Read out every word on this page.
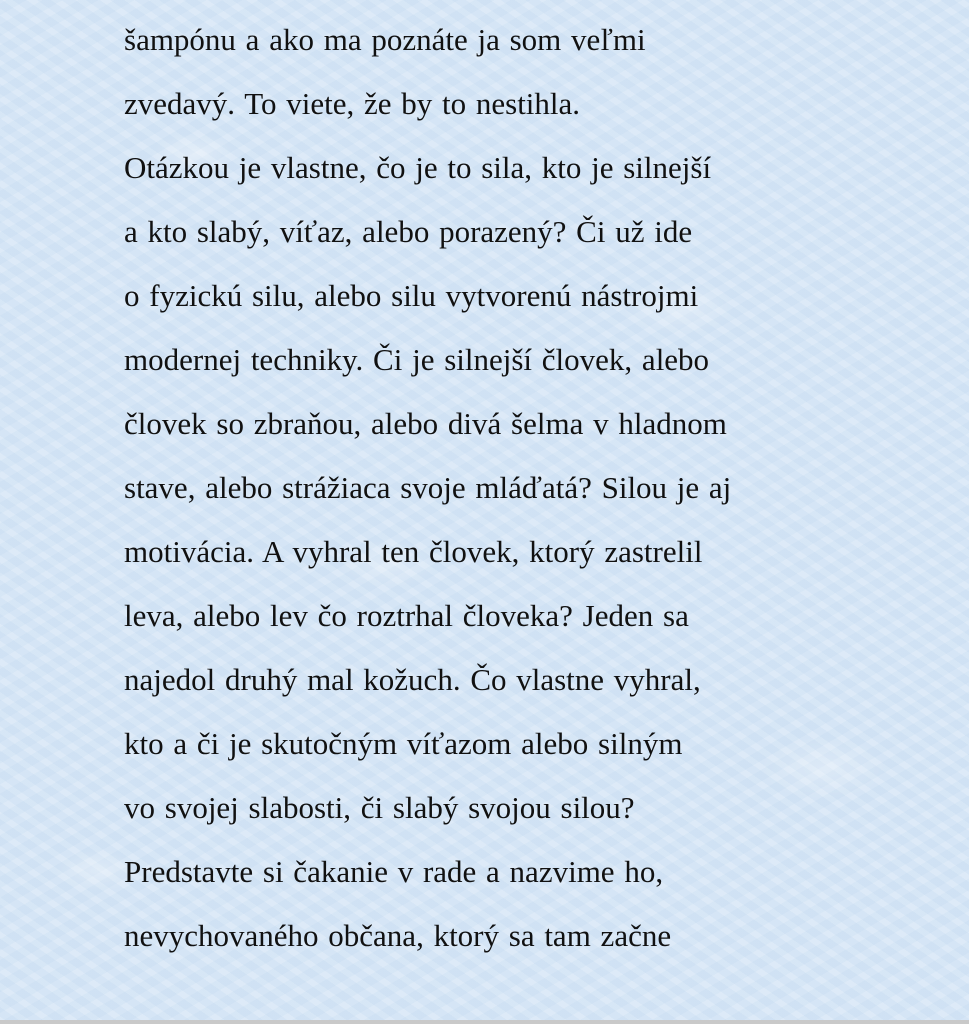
šampónu a ako ma poznáte ja som veľmi
zvedavý. To viete, že by to nestihla.
Otázkou je vlastne, čo je to sila, kto je silnejší
a kto slabý, víťaz, alebo porazený? Či už ide
o fyzickú silu, alebo silu vytvorenú nástrojmi
modernej techniky. Či je silnejší človek, alebo
človek so zbraňou, alebo divá šelma v hladnom
stave, alebo strážiaca svoje mláďatá? Silou je aj
motivácia. A vyhral ten človek, ktorý zastrelil
leva, alebo lev čo roztrhal človeka? Jeden sa
najedol druhý mal kožuch. Čo vlastne vyhral,
kto a či je skutočným víťazom alebo silným
vo svojej slabosti, či slabý svojou silou?
Predstavte si čakanie v rade a nazvime ho,
nevychovaného občana, ktorý sa tam začne
